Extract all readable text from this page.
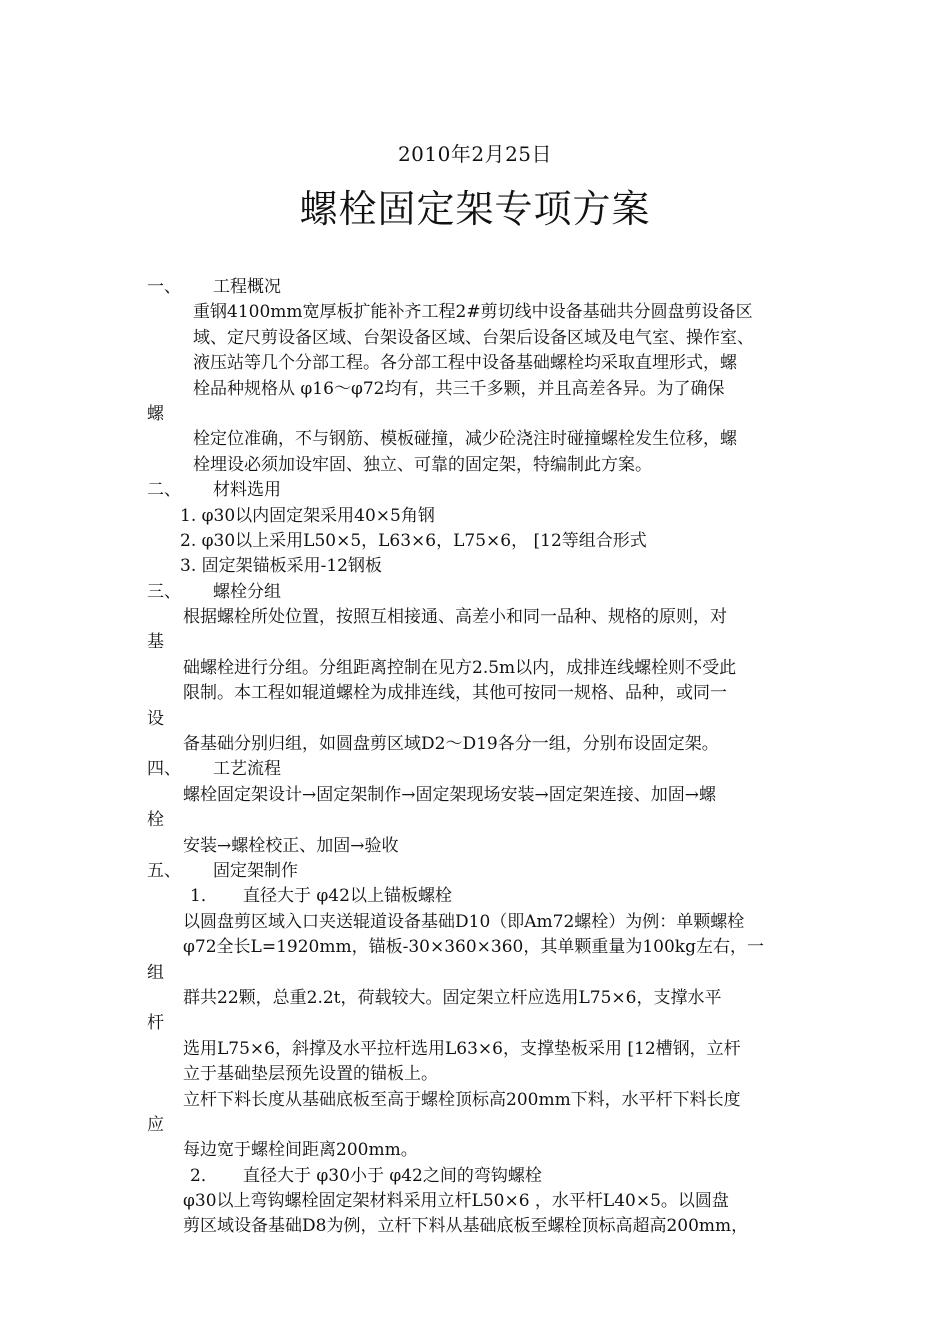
2010年2月25日
螺栓固定架专项方案
一、 工程概况
重钢4100mm宽厚板扩能补齐工程2#剪切线中设备基础共分圆盘剪设备区
域、定尺剪设备区域、台架设备区域、台架后设备区域及电气室、操作室、
液压站等几个分部工程。各分部工程中设备基础螺栓均采取直埋形式，螺
栓品种规格从 φ16～φ72均有，共三千多颗，并且高差各异。为了确保
螺
栓定位准确，不与钢筋、模板碰撞，减少砼浇注时碰撞螺栓发生位移，螺
栓埋设必须加设牢固、独立、可靠的固定架，特编制此方案。
二、 材料选用
1. φ30以内固定架采用40×5角钢
2. φ30以上采用L50×5，L63×6，L75×6， [12等组合形式
3. 固定架锚板采用-12钢板
三、 螺栓分组
根据螺栓所处位置，按照互相接通、高差小和同一品种、规格的原则，对
基
础螺栓进行分组。分组距离控制在见方2.5m以内，成排连线螺栓则不受此
限制。本工程如辊道螺栓为成排连线，其他可按同一规格、品种，或同一
设
备基础分别归组，如圆盘剪区域D2～D19各分一组，分别布设固定架。
四、 工艺流程
螺栓固定架设计→固定架制作→固定架现场安装→固定架连接、加固→螺
栓
安装→螺栓校正、加固→验收
五、 固定架制作
1． 直径大于 φ42以上锚板螺栓
以圆盘剪区域入口夹送辊道设备基础D10（即Am72螺栓）为例：单颗螺栓
φ72全长L=1920mm，锚板-30×360×360，其单颗重量为100kg左右，一
组
群共22颗，总重2.2t，荷载较大。固定架立杆应选用L75×6，支撑水平
杆
选用L75×6，斜撑及水平拉杆选用L63×6，支撑垫板采用 [12槽钢，立杆
立于基础垫层预先设置的锚板上。
立杆下料长度从基础底板至高于螺栓顶标高200mm下料，水平杆下料长度
应
每边宽于螺栓间距离200mm。
2． 直径大于 φ30小于 φ42之间的弯钩螺栓
φ30以上弯钩螺栓固定架材料采用立杆L50×6 ，水平杆L40×5。以圆盘
剪区域设备基础D8为例，立杆下料从基础底板至螺栓顶标高超高200mm，
